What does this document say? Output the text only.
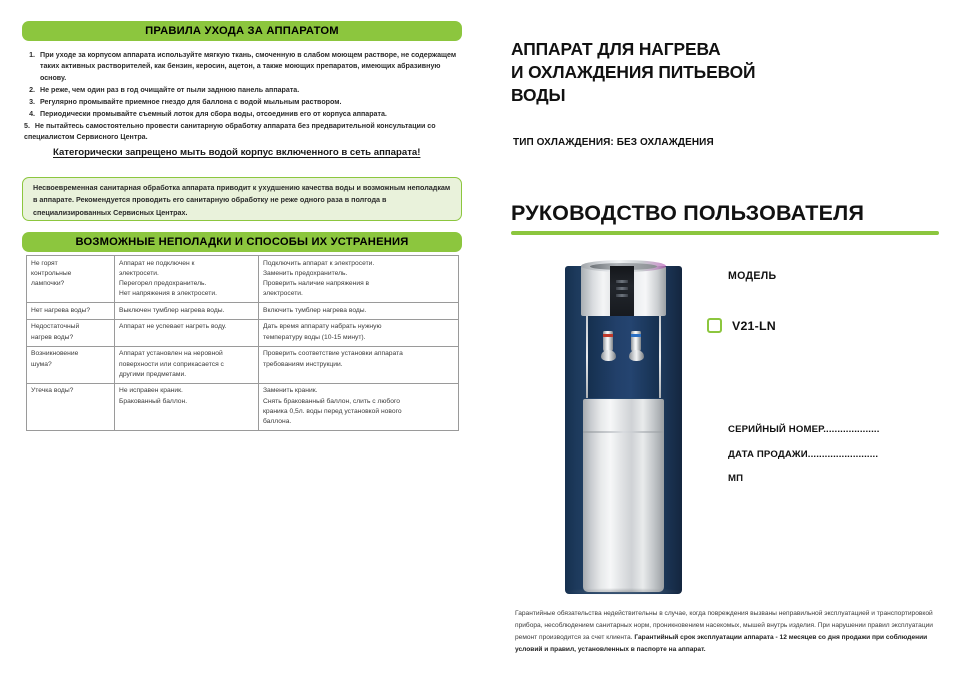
ПРАВИЛА УХОДА ЗА АППАРАТОМ
1. При уходе за корпусом аппарата используйте мягкую ткань, смоченную в слабом моющем растворе, не содержащем таких активных растворителей, как бензин, керосин, ацетон, а также моющих препаратов, имеющих абразивную основу.
2. Не реже, чем один раз в год очищайте от пыли заднюю панель аппарата.
3. Регулярно промывайте приемное гнездо для баллона с водой мыльным раствором.
4. Периодически промывайте съемный лоток для сбора воды, отсоединив его от корпуса аппарата.
5. Не пытайтесь самостоятельно провести санитарную обработку аппарата без предварительной консультации со специалистом Сервисного Центра.
Категорически запрещено мыть водой корпус включенного в сеть аппарата!
Несвоевременная санитарная обработка аппарата приводит к ухудшению качества воды и возможным неполадкам в аппарате. Рекомендуется проводить его санитарную обработку не реже одного раза в полгода в специализированных Сервисных Центрах.
ВОЗМОЖНЫЕ НЕПОЛАДКИ И СПОСОБЫ ИХ УСТРАНЕНИЯ
Не горят
контрольные
лампочки?	Аппарат не подключен к
электросети.
Перегорел предохранитель.
Нет напряжения в электросети.	Подключить аппарат к электросети.
Заменить предохранитель.
Проверить наличие напряжения в
электросети.

Нет нагрева воды?	Выключен тумблер нагрева воды.	Включить тумблер нагрева воды.

Недостаточный
нагрев воды?	Аппарат не успевает нагреть воду.	Дать время аппарату набрать нужную
температуру воды (10-15 минут).

Возникновение
шума?	Аппарат установлен на неровной
поверхности или соприкасается с
другими предметами.	Проверить соответствие установки аппарата
требованиям инструкции.

Утечка воды?	Не исправен краник.
Бракованный баллон.	Заменить краник.
Снять бракованный баллон, слить с любого
краника 0,5л. воды перед установкой нового
баллона.
АППАРАТ ДЛЯ НАГРЕВА
И ОХЛАЖДЕНИЯ ПИТЬЕВОЙ
ВОДЫ
ТИП ОХЛАЖДЕНИЯ: БЕЗ ОХЛАЖДЕНИЯ
РУКОВОДСТВО ПОЛЬЗОВАТЕЛЯ
МОДЕЛЬ
V21-LN
СЕРИЙНЫЙ НОМЕР....................
ДАТА ПРОДАЖИ.........................
МП
Гарантийные обязательства недействительны в случае, когда повреждения вызваны неправильной эксплуатацией и транспортировкой прибора, несоблюдением санитарных норм, проникновением насекомых, мышей внутрь изделия. При нарушении правил эксплуатации ремонт производится за счет клиента. Гарантийный срок эксплуатации аппарата - 12 месяцев со дня продажи при соблюдении условий и правил, установленных в паспорте на аппарат.
